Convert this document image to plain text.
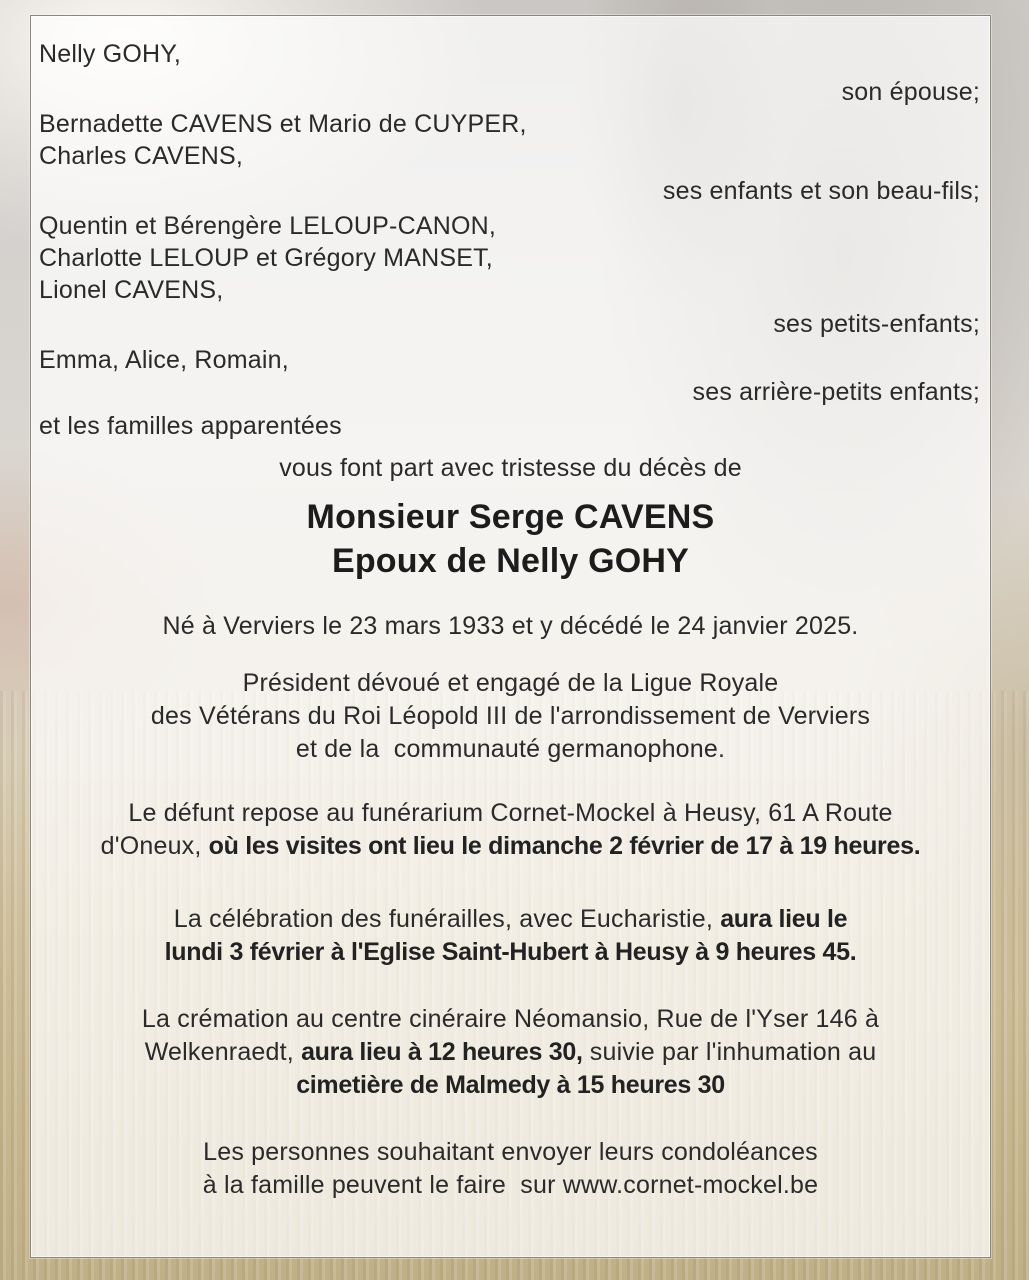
Nelly GOHY,
son épouse;
Bernadette CAVENS et Mario de CUYPER,
Charles CAVENS,
ses enfants et son beau-fils;
Quentin et Bérengère LELOUP-CANON,
Charlotte LELOUP et Grégory MANSET,
Lionel CAVENS,
ses petits-enfants;
Emma, Alice, Romain,
ses arrière-petits enfants;
et les familles apparentées
vous font part avec tristesse du décès de
Monsieur Serge CAVENS
Epoux de Nelly GOHY
Né à Verviers le 23 mars 1933 et y décédé le 24 janvier 2025.
Président dévoué et engagé de la Ligue Royale
des Vétérans du Roi Léopold III de l'arrondissement de Verviers
et de la  communauté germanophone.
Le défunt repose au funérarium Cornet-Mockel à Heusy, 61 A Route
d'Oneux, où les visites ont lieu le dimanche 2 février de 17 à 19 heures.
La célébration des funérailles, avec Eucharistie, aura lieu le
lundi 3 février à l'Eglise Saint-Hubert à Heusy à 9 heures 45.
La crémation au centre cinéraire Néomansio, Rue de l'Yser 146 à
Welkenraedt, aura lieu à 12 heures 30, suivie par l'inhumation au
cimetière de Malmedy à 15 heures 30
Les personnes souhaitant envoyer leurs condoléances
à la famille peuvent le faire  sur www.cornet-mockel.be
